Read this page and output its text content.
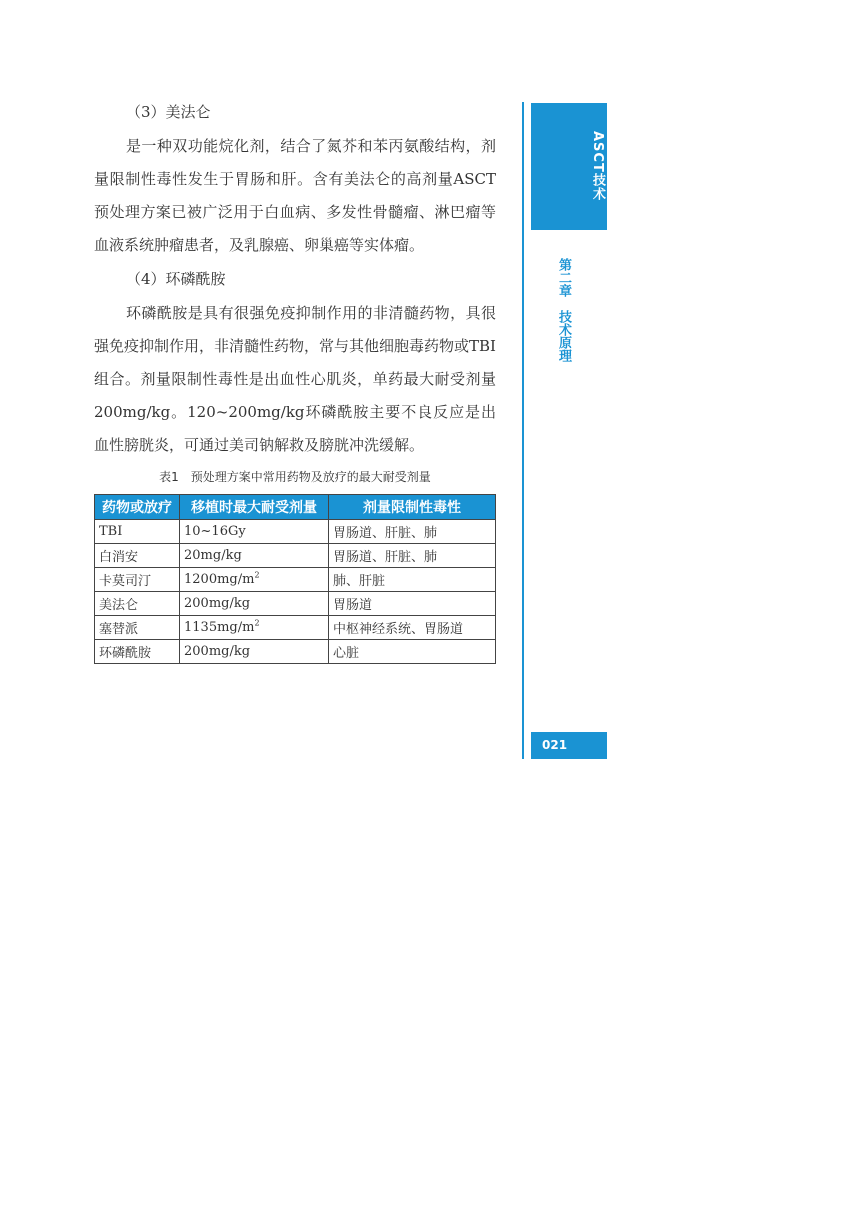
（3）美法仑

是一种双功能烷化剂，结合了氮芥和苯丙氨酸结构，剂量限制性毒性发生于胃肠和肝。含有美法仑的高剂量ASCT预处理方案已被广泛用于白血病、多发性骨髓瘤、淋巴瘤等血液系统肿瘤患者，及乳腺癌、卵巢癌等实体瘤。

（4）环磷酰胺

环磷酰胺是具有很强免疫抑制作用的非清髓药物，具很强免疫抑制作用，非清髓性药物，常与其他细胞毒药物或TBI组合。剂量限制性毒性是出血性心肌炎，单药最大耐受剂量200mg/kg。120~200mg/kg环磷酰胺主要不良反应是出血性膀胱炎，可通过美司钠解救及膀胱冲洗缓解。

表1　预处理方案中常用药物及放疗的最大耐受剂量
药物或放疗	移植时最大耐受剂量	剂量限制性毒性
TBI	10~16Gy	胃肠道、肝脏、肺
白消安	20mg/kg	胃肠道、肝脏、肺
卡莫司汀	$1200mg/m^2$	肺、肝脏
美法仑	200mg/kg	胃肠道
塞替派	$1135mg/m^2$	中枢神经系统、胃肠道
环磷酰胺	200mg/kg	心脏
ASCT技术
第二章　技术原理
021
